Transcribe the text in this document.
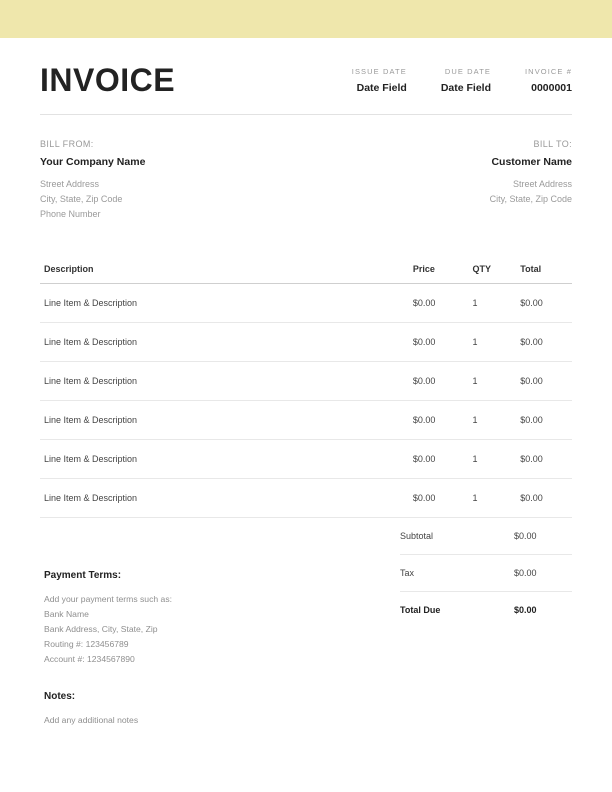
INVOICE	ISSUE DATE
Date Field
DUE DATE
Date Field
INVOICE #
0000001
BILL FROM:
Your Company Name
Street Address
City, State, Zip Code
Phone Number
BILL TO:
Customer Name
Street Address
City, State, Zip Code
Description	Price	QTY	Total
Line Item & Description	$0.00	1	$0.00
Line Item & Description	$0.00	1	$0.00
Line Item & Description	$0.00	1	$0.00
Line Item & Description	$0.00	1	$0.00
Line Item & Description	$0.00	1	$0.00
Line Item & Description	$0.00	1	$0.00
Subtotal	$0.00
Tax	$0.00
Total Due	$0.00
Payment Terms:
Add your payment terms such as:
Bank Name
Bank Address, City, State, Zip
Routing #: 123456789
Account #: 1234567890
Notes:
Add any additional notes
